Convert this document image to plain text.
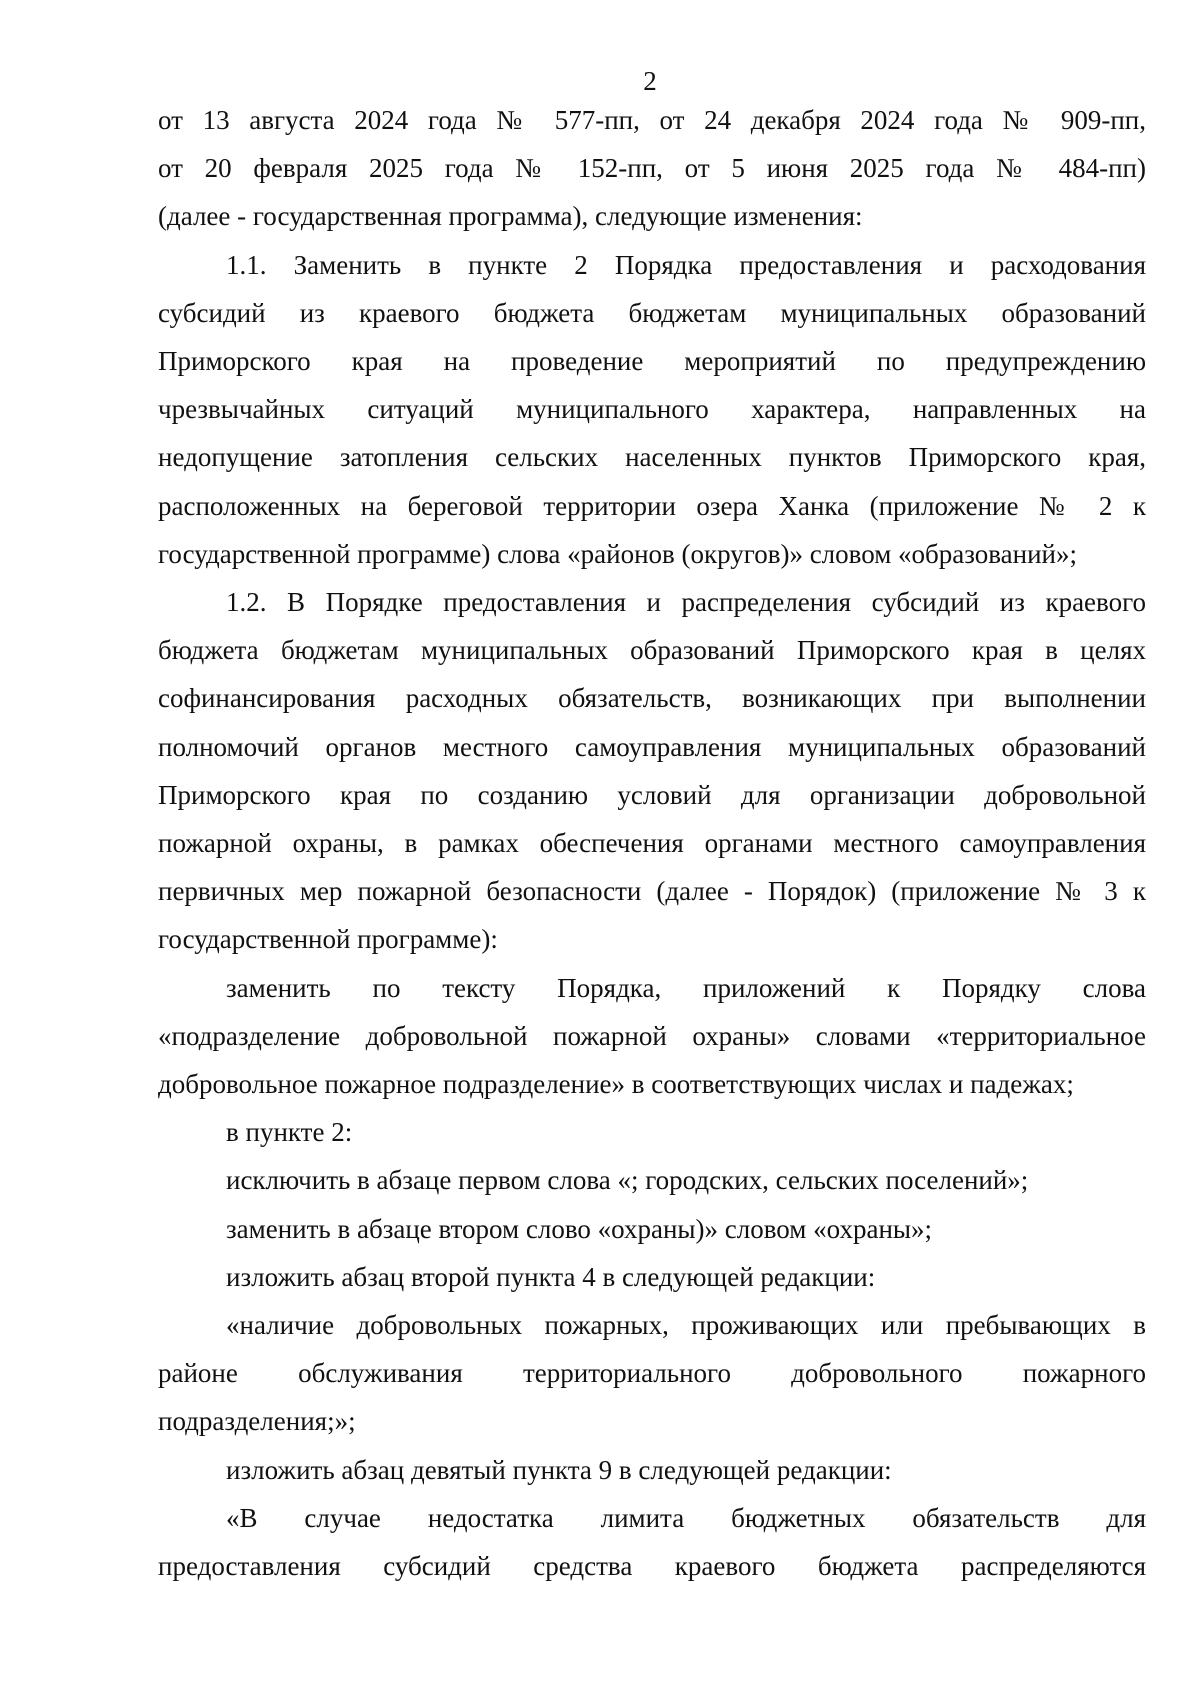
2
от 13 августа 2024 года № 577-пп, от 24 декабря 2024 года № 909-пп,
от 20 февраля 2025 года № 152-пп, от 5 июня 2025 года № 484-пп)
(далее - государственная программа), следующие изменения:
1.1. Заменить в пункте 2 Порядка предоставления и расходования
субсидий из краевого бюджета бюджетам муниципальных образований
Приморского края на проведение мероприятий по предупреждению
чрезвычайных ситуаций муниципального характера, направленных на
недопущение затопления сельских населенных пунктов Приморского края,
расположенных на береговой территории озера Ханка (приложение № 2 к
государственной программе) слова «районов (округов)» словом «образований»;
1.2. В Порядке предоставления и распределения субсидий из краевого
бюджета бюджетам муниципальных образований Приморского края в целях
софинансирования расходных обязательств, возникающих при выполнении
полномочий органов местного самоуправления муниципальных образований
Приморского края по созданию условий для организации добровольной
пожарной охраны, в рамках обеспечения органами местного самоуправления
первичных мер пожарной безопасности (далее - Порядок) (приложение № 3 к
государственной программе):
заменить по тексту Порядка, приложений к Порядку слова
«подразделение добровольной пожарной охраны» словами «территориальное
добровольное пожарное подразделение» в соответствующих числах и падежах;
в пункте 2:
исключить в абзаце первом слова «; городских, сельских поселений»;
заменить в абзаце втором слово «охраны)» словом «охраны»;
изложить абзац второй пункта 4 в следующей редакции:
«наличие добровольных пожарных, проживающих или пребывающих в
районе обслуживания территориального добровольного пожарного
подразделения;»;
изложить абзац девятый пункта 9 в следующей редакции:
«В случае недостатка лимита бюджетных обязательств для
предоставления субсидий средства краевого бюджета распределяются
